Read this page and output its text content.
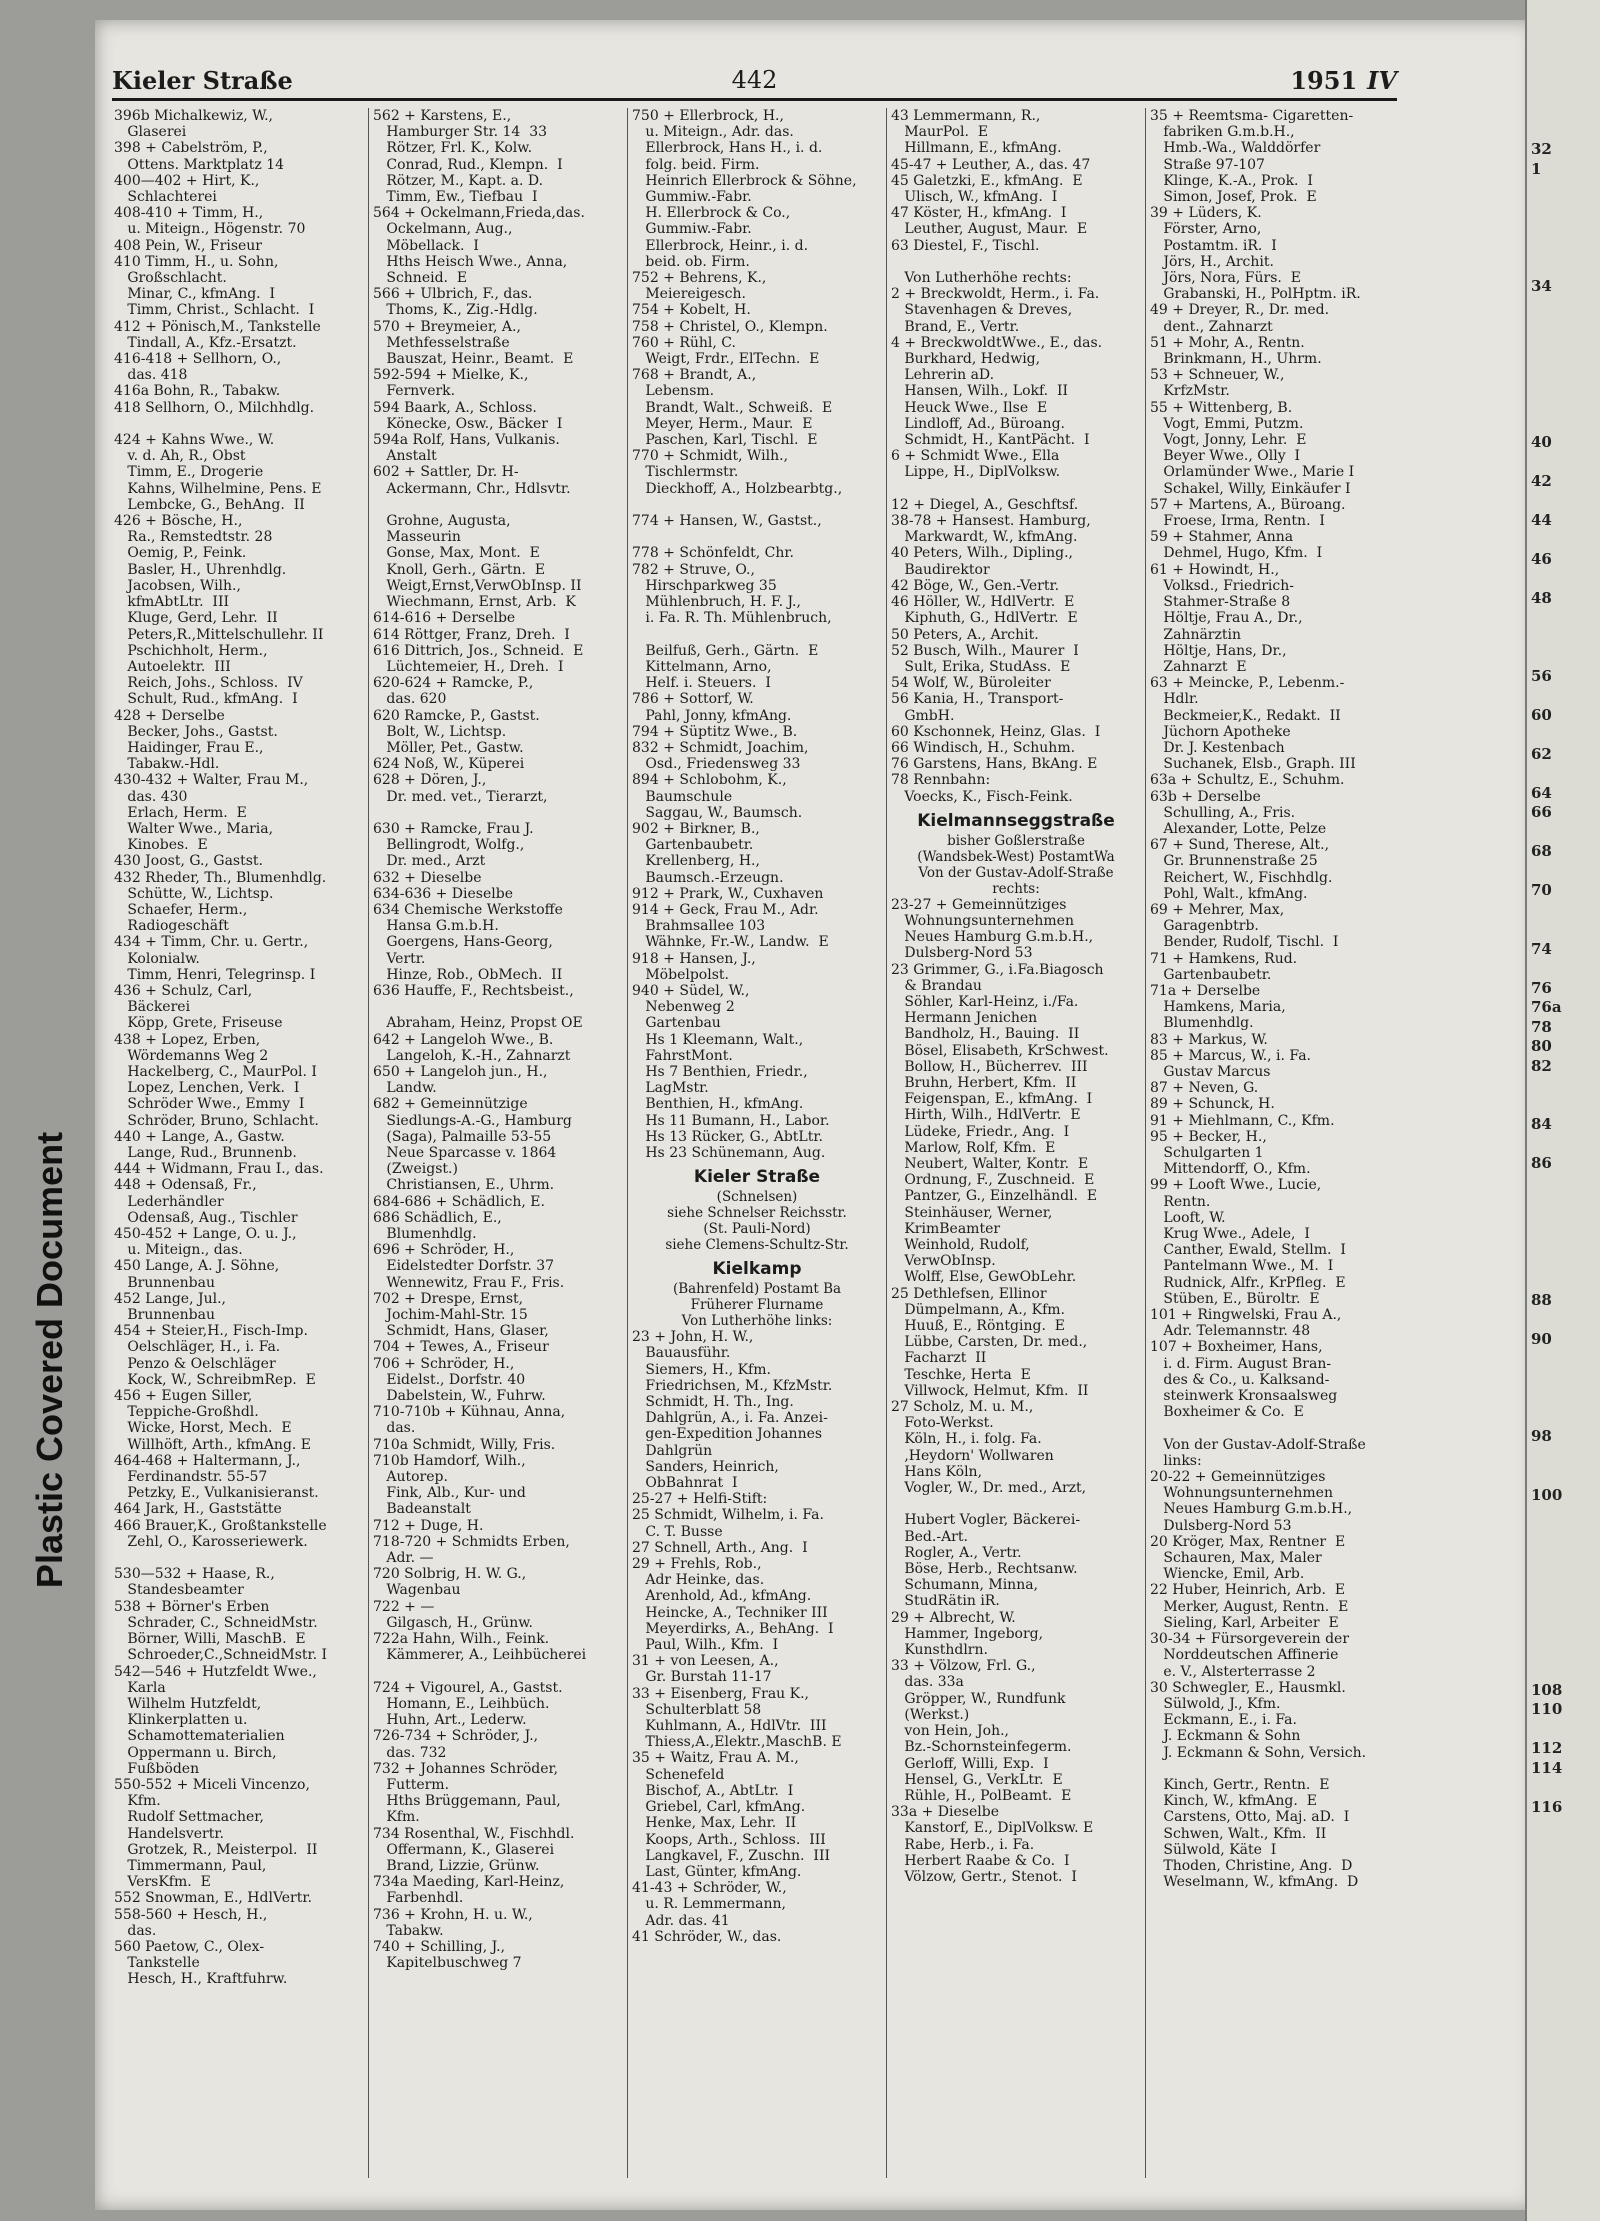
Plastic Covered Document
Kieler Straße	442	1951 IV
396b Michalkewiz, W.,
Glaserei
398 + Cabelström, P.,
Ottens. Marktplatz 14
400—402 + Hirt, K.,
Schlachterei
408-410 + Timm, H.,
u. Miteign., Högenstr. 70
408 Pein, W., Friseur
410 Timm, H., u. Sohn,
Großschlacht.
Minar, C., kfmAng.  I
Timm, Christ., Schlacht.  I
412 + Pönisch,M., Tankstelle
Tindall, A., Kfz.-Ersatzt.
416-418 + Sellhorn, O.,
das. 418
416a Bohn, R., Tabakw.
418 Sellhorn, O., Milchhdlg.

424 + Kahns Wwe., W.
v. d. Ah, R., Obst
Timm, E., Drogerie
Kahns, Wilhelmine, Pens. E
Lembcke, G., BehAng.  II
426 + Bösche, H.,
Ra., Remstedtstr. 28
Oemig, P., Feink.
Basler, H., Uhrenhdlg.
Jacobsen, Wilh.,
kfmAbtLtr.  III
Kluge, Gerd, Lehr.  II
Peters,R.,Mittelschullehr. II
Pschichholt, Herm.,
Autoelektr.  III
Reich, Johs., Schloss.  IV
Schult, Rud., kfmAng.  I
428 + Derselbe
Becker, Johs., Gastst.
Haidinger, Frau E.,
Tabakw.-Hdl.
430-432 + Walter, Frau M.,
das. 430
Erlach, Herm.  E
Walter Wwe., Maria,
Kinobes.  E
430 Joost, G., Gastst.
432 Rheder, Th., Blumenhdlg.
Schütte, W., Lichtsp.
Schaefer, Herm.,
Radiogeschäft
434 + Timm, Chr. u. Gertr.,
Kolonialw.
Timm, Henri, Telegrinsp. I
436 + Schulz, Carl,
Bäckerei
Köpp, Grete, Friseuse
438 + Lopez, Erben,
Wördemanns Weg 2
Hackelberg, C., MaurPol. I
Lopez, Lenchen, Verk.  I
Schröder Wwe., Emmy  I
Schröder, Bruno, Schlacht.
440 + Lange, A., Gastw.
Lange, Rud., Brunnenb.
444 + Widmann, Frau I., das.
448 + Odensaß, Fr.,
Lederhändler
Odensaß, Aug., Tischler
450-452 + Lange, O. u. J.,
u. Miteign., das.
450 Lange, A. J. Söhne,
Brunnenbau
452 Lange, Jul.,
Brunnenbau
454 + Steier,H., Fisch-Imp.
Oelschläger, H., i. Fa.
Penzo & Oelschläger
Kock, W., SchreibmRep.  E
456 + Eugen Siller,
Teppiche-Großhdl.
Wicke, Horst, Mech.  E
Willhöft, Arth., kfmAng. E
464-468 + Haltermann, J.,
Ferdinandstr. 55-57
Petzky, E., Vulkanisieranst.
464 Jark, H., Gaststätte
466 Brauer,K., Großtankstelle
Zehl, O., Karosseriewerk.

530—532 + Haase, R.,
Standesbeamter
538 + Börner's Erben
Schrader, C., SchneidMstr.
Börner, Willi, MaschB.  E
Schroeder,C.,SchneidMstr. I
542—546 + Hutzfeldt Wwe.,
Karla
Wilhelm Hutzfeldt,
Klinkerplatten u.
Schamottematerialien
Oppermann u. Birch,
Fußböden
550-552 + Miceli Vincenzo,
Kfm.
Rudolf Settmacher,
Handelsvertr.
Grotzek, R., Meisterpol.  II
Timmermann, Paul,
VersKfm.  E
552 Snowman, E., HdlVertr.
558-560 + Hesch, H.,
das.
560 Paetow, C., Olex-
Tankstelle
Hesch, H., Kraftfuhrw.
562 + Karstens, E.,
Hamburger Str. 14  33
Rötzer, Frl. K., Kolw.
Conrad, Rud., Klempn.  I
Rötzer, M., Kapt. a. D.
Timm, Ew., Tiefbau  I
564 + Ockelmann,Frieda,das.
Ockelmann, Aug.,
Möbellack.  I
Hths Heisch Wwe., Anna,
Schneid.  E
566 + Ulbrich, F., das.
Thoms, K., Zig.-Hdlg.
570 + Breymeier, A.,
Methfesselstraße
Bauszat, Heinr., Beamt.  E
592-594 + Mielke, K.,
Fernverk.
594 Baark, A., Schloss.
Könecke, Osw., Bäcker  I
594a Rolf, Hans, Vulkanis.
Anstalt
602 + Sattler, Dr. H-
Ackermann, Chr., Hdlsvtr.

Grohne, Augusta,
Masseurin
Gonse, Max, Mont.  E
Knoll, Gerh., Gärtn.  E
Weigt,Ernst,VerwObInsp. II
Wiechmann, Ernst, Arb.  K
614-616 + Derselbe
614 Röttger, Franz, Dreh.  I
616 Dittrich, Jos., Schneid.  E
Lüchtemeier, H., Dreh.  I
620-624 + Ramcke, P.,
das. 620
620 Ramcke, P., Gastst.
Bolt, W., Lichtsp.
Möller, Pet., Gastw.
624 Noß, W., Küperei
628 + Dören, J.,
Dr. med. vet., Tierarzt,

630 + Ramcke, Frau J.
Bellingrodt, Wolfg.,
Dr. med., Arzt
632 + Dieselbe
634-636 + Dieselbe
634 Chemische Werkstoffe
Hansa G.m.b.H.
Goergens, Hans-Georg,
Vertr.
Hinze, Rob., ObMech.  II
636 Hauffe, F., Rechtsbeist.,

Abraham, Heinz, Propst OE
642 + Langeloh Wwe., B.
Langeloh, K.-H., Zahnarzt
650 + Langeloh jun., H.,
Landw.
682 + Gemeinnützige
Siedlungs-A.-G., Hamburg
(Saga), Palmaille 53-55
Neue Sparcasse v. 1864
(Zweigst.)
Christiansen, E., Uhrm.
684-686 + Schädlich, E.
686 Schädlich, E.,
Blumenhdlg.
696 + Schröder, H.,
Eidelstedter Dorfstr. 37
Wennewitz, Frau F., Fris.
702 + Drespe, Ernst,
Jochim-Mahl-Str. 15
Schmidt, Hans, Glaser,
704 + Tewes, A., Friseur
706 + Schröder, H.,
Eidelst., Dorfstr. 40
Dabelstein, W., Fuhrw.
710-710b + Kühnau, Anna,
das.
710a Schmidt, Willy, Fris.
710b Hamdorf, Wilh.,
Autorep.
Fink, Alb., Kur- und
Badeanstalt
712 + Duge, H.
718-720 + Schmidts Erben,
Adr. —
720 Solbrig, H. W. G.,
Wagenbau
722 + —
Gilgasch, H., Grünw.
722a Hahn, Wilh., Feink.
Kämmerer, A., Leihbücherei

724 + Vigourel, A., Gastst.
Homann, E., Leihbüch.
Huhn, Art., Lederw.
726-734 + Schröder, J.,
das. 732
732 + Johannes Schröder,
Futterm.
Hths Brüggemann, Paul,
Kfm.
734 Rosenthal, W., Fischhdl.
Offermann, K., Glaserei
Brand, Lizzie, Grünw.
734a Maeding, Karl-Heinz,
Farbenhdl.
736 + Krohn, H. u. W.,
Tabakw.
740 + Schilling, J.,
Kapitelbuschweg 7
750 + Ellerbrock, H.,
u. Miteign., Adr. das.
Ellerbrock, Hans H., i. d.
folg. beid. Firm.
Heinrich Ellerbrock & Söhne,
Gummiw.-Fabr.
H. Ellerbrock & Co.,
Gummiw.-Fabr.
Ellerbrock, Heinr., i. d.
beid. ob. Firm.
752 + Behrens, K.,
Meiereigesch.
754 + Kobelt, H.
758 + Christel, O., Klempn.
760 + Rühl, C.
Weigt, Frdr., ElTechn.  E
768 + Brandt, A.,
Lebensm.
Brandt, Walt., Schweiß.  E
Meyer, Herm., Maur.  E
Paschen, Karl, Tischl.  E
770 + Schmidt, Wilh.,
Tischlermstr.
Dieckhoff, A., Holzbearbtg.,

774 + Hansen, W., Gastst.,

778 + Schönfeldt, Chr.
782 + Struve, O.,
Hirschparkweg 35
Mühlenbruch, H. F. J.,
i. Fa. R. Th. Mühlenbruch,

Beilfuß, Gerh., Gärtn.  E
Kittelmann, Arno,
Helf. i. Steuers.  I
786 + Sottorf, W.
Pahl, Jonny, kfmAng.
794 + Süptitz Wwe., B.
832 + Schmidt, Joachim,
Osd., Friedensweg 33
894 + Schlobohm, K.,
Baumschule
Saggau, W., Baumsch.
902 + Birkner, B.,
Gartenbaubetr.
Krellenberg, H.,
Baumsch.-Erzeugn.
912 + Prark, W., Cuxhaven
914 + Geck, Frau M., Adr.
Brahmsallee 103
Wähnke, Fr.-W., Landw.  E
918 + Hansen, J.,
Möbelpolst.
940 + Südel, W.,
Nebenweg 2
Gartenbau
Hs 1 Kleemann, Walt.,
FahrstMont.
Hs 7 Benthien, Friedr.,
LagMstr.
Benthien, H., kfmAng.
Hs 11 Bumann, H., Labor.
Hs 13 Rücker, G., AbtLtr.
Hs 23 Schünemann, Aug.
Kieler Straße
(Schnelsen)
siehe Schnelser Reichsstr.
(St. Pauli-Nord)
siehe Clemens-Schultz-Str.
Kielkamp
(Bahrenfeld) Postamt Ba
Früherer Flurname
Von Lutherhöhe links:
23 + John, H. W.,
Bauausführ.
Siemers, H., Kfm.
Friedrichsen, M., KfzMstr.
Schmidt, H. Th., Ing.
Dahlgrün, A., i. Fa. Anzei-
gen-Expedition Johannes
Dahlgrün
Sanders, Heinrich,
ObBahnrat  I
25-27 + Helfi-Stift:
25 Schmidt, Wilhelm, i. Fa.
C. T. Busse
27 Schnell, Arth., Ang.  I
29 + Frehls, Rob.,
Adr Heinke, das.
Arenhold, Ad., kfmAng.
Heincke, A., Techniker III
Meyerdirks, A., BehAng.  I
Paul, Wilh., Kfm.  I
31 + von Leesen, A.,
Gr. Burstah 11-17
33 + Eisenberg, Frau K.,
Schulterblatt 58
Kuhlmann, A., HdlVtr.  III
Thiess,A.,Elektr.,MaschB. E
35 + Waitz, Frau A. M.,
Schenefeld
Bischof, A., AbtLtr.  I
Griebel, Carl, kfmAng.
Henke, Max, Lehr.  II
Koops, Arth., Schloss.  III
Langkavel, F., Zuschn.  III
Last, Günter, kfmAng.
41-43 + Schröder, W.,
u. R. Lemmermann,
Adr. das. 41
41 Schröder, W., das.
43 Lemmermann, R.,
MaurPol.  E
Hillmann, E., kfmAng.
45-47 + Leuther, A., das. 47
45 Galetzki, E., kfmAng.  E
Ulisch, W., kfmAng.  I
47 Köster, H., kfmAng.  I
Leuther, August, Maur.  E
63 Diestel, F., Tischl.

Von Lutherhöhe rechts:
2 + Breckwoldt, Herm., i. Fa.
Stavenhagen & Dreves,
Brand, E., Vertr.
4 + BreckwoldtWwe., E., das.
Burkhard, Hedwig,
Lehrerin aD.
Hansen, Wilh., Lokf.  II
Heuck Wwe., Ilse  E
Lindloff, Ad., Büroang.
Schmidt, H., KantPächt.  I
6 + Schmidt Wwe., Ella
Lippe, H., DiplVolksw.

12 + Diegel, A., Geschftsf.
38-78 + Hansest. Hamburg,
Markwardt, W., kfmAng.
40 Peters, Wilh., Dipling.,
Baudirektor
42 Böge, W., Gen.-Vertr.
46 Höller, W., HdlVertr.  E
Kiphuth, G., HdlVertr.  E
50 Peters, A., Archit.
52 Busch, Wilh., Maurer  I
Sult, Erika, StudAss.  E
54 Wolf, W., Büroleiter
56 Kania, H., Transport-
GmbH.
60 Kschonnek, Heinz, Glas.  I
66 Windisch, H., Schuhm.
76 Garstens, Hans, BkAng. E
78 Rennbahn:
Voecks, K., Fisch-Feink.
Kielmannseggstraße
bisher Goßlerstraße
(Wandsbek-West) PostamtWa
Von der Gustav-Adolf-Straße
rechts:
23-27 + Gemeinnütziges
Wohnungsunternehmen
Neues Hamburg G.m.b.H.,
Dulsberg-Nord 53
23 Grimmer, G., i.Fa.Biagosch
& Brandau
Söhler, Karl-Heinz, i./Fa.
Hermann Jenichen
Bandholz, H., Bauing.  II
Bösel, Elisabeth, KrSchwest.
Bollow, H., Bücherrev.  III
Bruhn, Herbert, Kfm.  II
Feigenspan, E., kfmAng.  I
Hirth, Wilh., HdlVertr.  E
Lüdeke, Friedr., Ang.  I
Marlow, Rolf, Kfm.  E
Neubert, Walter, Kontr.  E
Ordnung, F., Zuschneid.  E
Pantzer, G., Einzelhändl.  E
Steinhäuser, Werner,
KrimBeamter
Weinhold, Rudolf,
VerwObInsp.
Wolff, Else, GewObLehr.
25 Dethlefsen, Ellinor
Dümpelmann, A., Kfm.
Huuß, E., Röntging.  E
Lübbe, Carsten, Dr. med.,
Facharzt  II
Teschke, Herta  E
Villwock, Helmut, Kfm.  II
27 Scholz, M. u. M.,
Foto-Werkst.
Köln, H., i. folg. Fa.
,Heydorn' Wollwaren
Hans Köln,
Vogler, W., Dr. med., Arzt,

Hubert Vogler, Bäckerei-
Bed.-Art.
Rogler, A., Vertr.
Böse, Herb., Rechtsanw.
Schumann, Minna,
StudRätin iR.
29 + Albrecht, W.
Hammer, Ingeborg,
Kunsthdlrn.
33 + Völzow, Frl. G.,
das. 33a
Gröpper, W., Rundfunk
(Werkst.)
von Hein, Joh.,
Bz.-Schornsteinfegerm.
Gerloff, Willi, Exp.  I
Hensel, G., VerkLtr.  E
Rühle, H., PolBeamt.  E
33a + Dieselbe
Kanstorf, E., DiplVolksw. E
Rabe, Herb., i. Fa.
Herbert Raabe & Co.  I
Völzow, Gertr., Stenot.  I
35 + Reemtsma- Cigaretten-
fabriken G.m.b.H.,
Hmb.-Wa., Walddörfer
Straße 97-107
Klinge, K.-A., Prok.  I
Simon, Josef, Prok.  E
39 + Lüders, K.
Förster, Arno,
Postamtm. iR.  I
Jörs, H., Archit.
Jörs, Nora, Fürs.  E
Grabanski, H., PolHptm. iR.
49 + Dreyer, R., Dr. med.
dent., Zahnarzt
51 + Mohr, A., Rentn.
Brinkmann, H., Uhrm.
53 + Schneuer, W.,
KrfzMstr.
55 + Wittenberg, B.
Vogt, Emmi, Putzm.
Vogt, Jonny, Lehr.  E
Beyer Wwe., Olly  I
Orlamünder Wwe., Marie I
Schakel, Willy, Einkäufer I
57 + Martens, A., Büroang.
Froese, Irma, Rentn.  I
59 + Stahmer, Anna
Dehmel, Hugo, Kfm.  I
61 + Howindt, H.,
Volksd., Friedrich-
Stahmer-Straße 8
Höltje, Frau A., Dr.,
Zahnärztin
Höltje, Hans, Dr.,
Zahnarzt  E
63 + Meincke, P., Lebenm.-
Hdlr.
Beckmeier,K., Redakt.  II
Jüchorn Apotheke
Dr. J. Kestenbach
Suchanek, Elsb., Graph. III
63a + Schultz, E., Schuhm.
63b + Derselbe
Schulling, A., Fris.
Alexander, Lotte, Pelze
67 + Sund, Therese, Alt.,
Gr. Brunnenstraße 25
Reichert, W., Fischhdlg.
Pohl, Walt., kfmAng.
69 + Mehrer, Max,
Garagenbtrb.
Bender, Rudolf, Tischl.  I
71 + Hamkens, Rud.
Gartenbaubetr.
71a + Derselbe
Hamkens, Maria,
Blumenhdlg.
83 + Markus, W.
85 + Marcus, W., i. Fa.
Gustav Marcus
87 + Neven, G.
89 + Schunck, H.
91 + Miehlmann, C., Kfm.
95 + Becker, H.,
Schulgarten 1
Mittendorff, O., Kfm.
99 + Looft Wwe., Lucie,
Rentn.
Looft, W.
Krug Wwe., Adele,  I
Canther, Ewald, Stellm.  I
Pantelmann Wwe., M.  I
Rudnick, Alfr., KrPfleg.  E
Stüben, E., Büroltr.  E
101 + Ringwelski, Frau A.,
Adr. Telemannstr. 48
107 + Boxheimer, Hans,
i. d. Firm. August Bran-
des & Co., u. Kalksand-
steinwerk Kronsaalsweg
Boxheimer & Co.  E

Von der Gustav-Adolf-Straße
links:
20-22 + Gemeinnütziges
Wohnungsunternehmen
Neues Hamburg G.m.b.H.,
Dulsberg-Nord 53
20 Kröger, Max, Rentner  E
Schauren, Max, Maler
Wiencke, Emil, Arb.
22 Huber, Heinrich, Arb.  E
Merker, August, Rentn.  E
Sieling, Karl, Arbeiter  E
30-34 + Fürsorgeverein der
Norddeutschen Affinerie
e. V., Alsterterrasse 2
30 Schwegler, E., Hausmkl.
Sülwold, J., Kfm.
Eckmann, E., i. Fa.
J. Eckmann & Sohn
J. Eckmann & Sohn, Versich.

Kinch, Gertr., Rentn.  E
Kinch, W., kfmAng.  E
Carstens, Otto, Maj. aD.  I
Schwen, Walt., Kfm.  II
Sülwold, Käte  I
Thoden, Christine, Ang.  D
Weselmann, W., kfmAng.  D
32
1

34

40

42

44

46

48

56

60

62

64
66

68

70

74

76
76a
78
80
82

84

86

88

90

98

100

108
110

112
114

116
